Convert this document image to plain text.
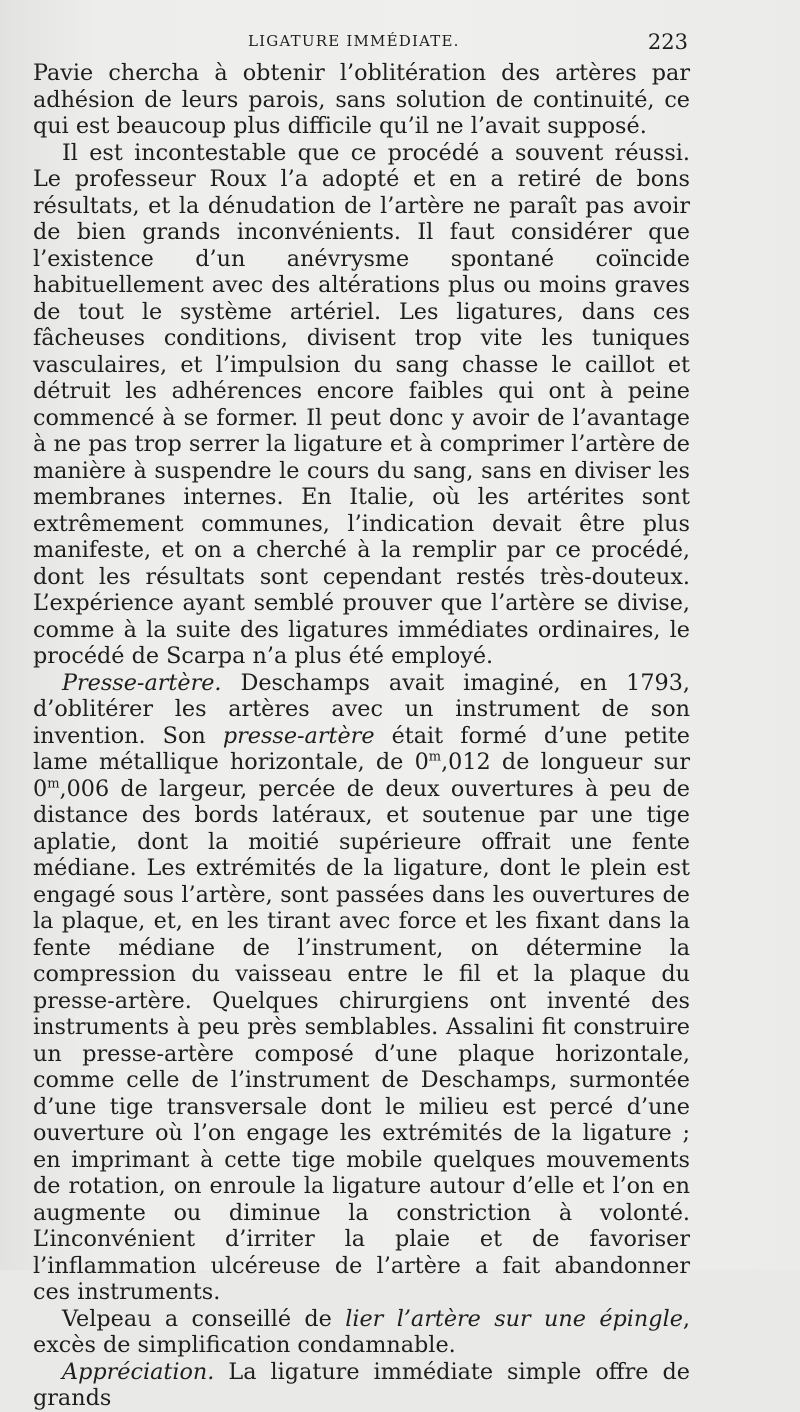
LIGATURE IMMÉDIATE.	223

Pavie chercha à obtenir l’oblitération des artères par adhésion de leurs parois, sans solution de continuité, ce qui est beaucoup plus difficile qu’il ne l’avait supposé.

Il est incontestable que ce procédé a souvent réussi. Le professeur Roux l’a adopté et en a retiré de bons résultats, et la dénudation de l’artère ne paraît pas avoir de bien grands inconvénients. Il faut considérer que l’existence d’un anévrysme spontané coïncide habituellement avec des altérations plus ou moins graves de tout le système artériel. Les ligatures, dans ces fâcheuses conditions, divisent trop vite les tuniques vasculaires, et l’impulsion du sang chasse le caillot et détruit les adhérences encore faibles qui ont à peine commencé à se former. Il peut donc y avoir de l’avantage à ne pas trop serrer la ligature et à comprimer l’artère de manière à suspendre le cours du sang, sans en diviser les membranes internes. En Italie, où les artérites sont extrêmement communes, l’indication devait être plus manifeste, et on a cherché à la remplir par ce procédé, dont les résultats sont cependant restés très-douteux. L’expérience ayant semblé prouver que l’artère se divise, comme à la suite des ligatures immédiates ordinaires, le procédé de Scarpa n’a plus été employé.

Presse-artère. Deschamps avait imaginé, en 1793, d’oblitérer les artères avec un instrument de son invention. Son presse-artère était formé d’une petite lame métallique horizontale, de 0$^m$,012 de longueur sur 0$^m$,006 de largeur, percée de deux ouvertures à peu de distance des bords latéraux, et soutenue par une tige aplatie, dont la moitié supérieure offrait une fente médiane. Les extrémités de la ligature, dont le plein est engagé sous l’artère, sont passées dans les ouvertures de la plaque, et, en les tirant avec force et les fixant dans la fente médiane de l’instrument, on détermine la compression du vaisseau entre le fil et la plaque du presse-artère. Quelques chirurgiens ont inventé des instruments à peu près semblables. Assalini fit construire un presse-artère composé d’une plaque horizontale, comme celle de l’instrument de Deschamps, surmontée d’une tige transversale dont le milieu est percé d’une ouverture où l’on engage les extrémités de la ligature ; en imprimant à cette tige mobile quelques mouvements de rotation, on enroule la ligature autour d’elle et l’on en augmente ou diminue la constriction à volonté. L’inconvénient d’irriter la plaie et de favoriser l’inflammation ulcéreuse de l’artère a fait abandonner ces instruments.

Velpeau a conseillé de lier l’artère sur une épingle, excès de simplification condamnable.

Appréciation. La ligature immédiate simple offre de grands
